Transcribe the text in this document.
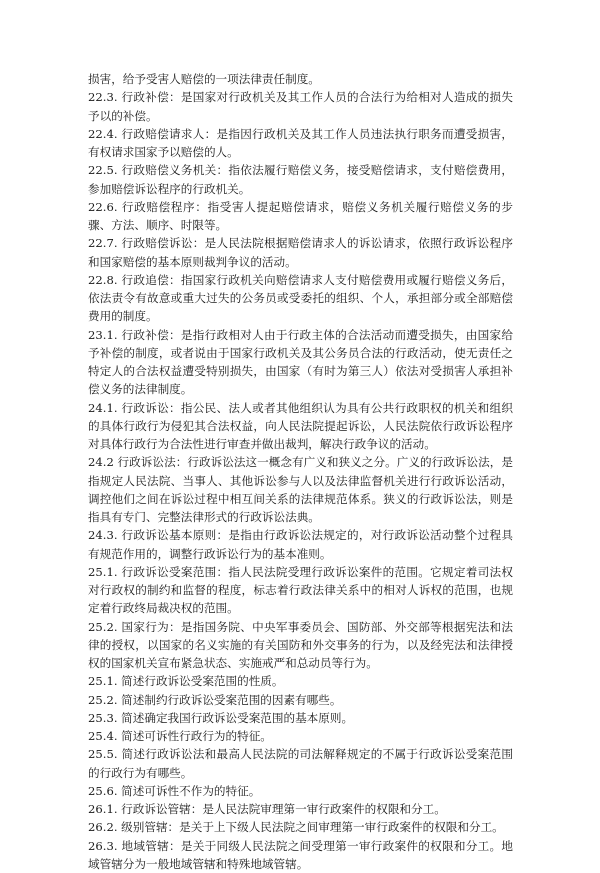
损害，给予受害人赔偿的一项法律责任制度。

22.3. 行政补偿：是国家对行政机关及其工作人员的合法行为给相对人造成的损失予以的补偿。

22.4. 行政赔偿请求人：是指因行政机关及其工作人员违法执行职务而遭受损害，有权请求国家予以赔偿的人。

22.5. 行政赔偿义务机关：指依法履行赔偿义务，接受赔偿请求，支付赔偿费用，参加赔偿诉讼程序的行政机关。

22.6. 行政赔偿程序：指受害人提起赔偿请求，赔偿义务机关履行赔偿义务的步骤、方法、顺序、时限等。

22.7. 行政赔偿诉讼：是人民法院根据赔偿请求人的诉讼请求，依照行政诉讼程序和国家赔偿的基本原则裁判争议的活动。

22.8. 行政追偿：指国家行政机关向赔偿请求人支付赔偿费用或履行赔偿义务后，依法责令有故意或重大过失的公务员或受委托的组织、个人，承担部分或全部赔偿费用的制度。

23.1. 行政补偿：是指行政相对人由于行政主体的合法活动而遭受损失，由国家给予补偿的制度，或者说由于国家行政机关及其公务员合法的行政活动，使无责任之特定人的合法权益遭受特别损失，由国家（有时为第三人）依法对受损害人承担补偿义务的法律制度。

24.1. 行政诉讼：指公民、法人或者其他组织认为具有公共行政职权的机关和组织的具体行政行为侵犯其合法权益，向人民法院提起诉讼，人民法院依行政诉讼程序对具体行政行为合法性进行审查并做出裁判，解决行政争议的活动。

24.2 行政诉讼法：行政诉讼法这一概念有广义和狭义之分。广义的行政诉讼法，是指规定人民法院、当事人、其他诉讼参与人以及法律监督机关进行行政诉讼活动，调控他们之间在诉讼过程中相互间关系的法律规范体系。狭义的行政诉讼法，则是指具有专门、完整法律形式的行政诉讼法典。

24.3. 行政诉讼基本原则：是指由行政诉讼法规定的，对行政诉讼活动整个过程具有规范作用的，调整行政诉讼行为的基本准则。

25.1. 行政诉讼受案范围：指人民法院受理行政诉讼案件的范围。它规定着司法权对行政权的制约和监督的程度，标志着行政法律关系中的相对人诉权的范围，也规定着行政终局裁决权的范围。

25.2. 国家行为：是指国务院、中央军事委员会、国防部、外交部等根据宪法和法律的授权，以国家的名义实施的有关国防和外交事务的行为，以及经宪法和法律授权的国家机关宣布紧急状态、实施戒严和总动员等行为。

25.1. 简述行政诉讼受案范围的性质。

25.2. 简述制约行政诉讼受案范围的因素有哪些。

25.3. 简述确定我国行政诉讼受案范围的基本原则。

25.4. 简述可诉性行政行为的特征。

25.5. 简述行政诉讼法和最高人民法院的司法解释规定的不属于行政诉讼受案范围的行政行为有哪些。

25.6. 简述可诉性不作为的特征。

26.1. 行政诉讼管辖：是人民法院审理第一审行政案件的权限和分工。

26.2. 级别管辖：是关于上下级人民法院之间审理第一审行政案件的权限和分工。

26.3. 地域管辖：是关于同级人民法院之间受理第一审行政案件的权限和分工。地域管辖分为一般地域管辖和特殊地域管辖。
